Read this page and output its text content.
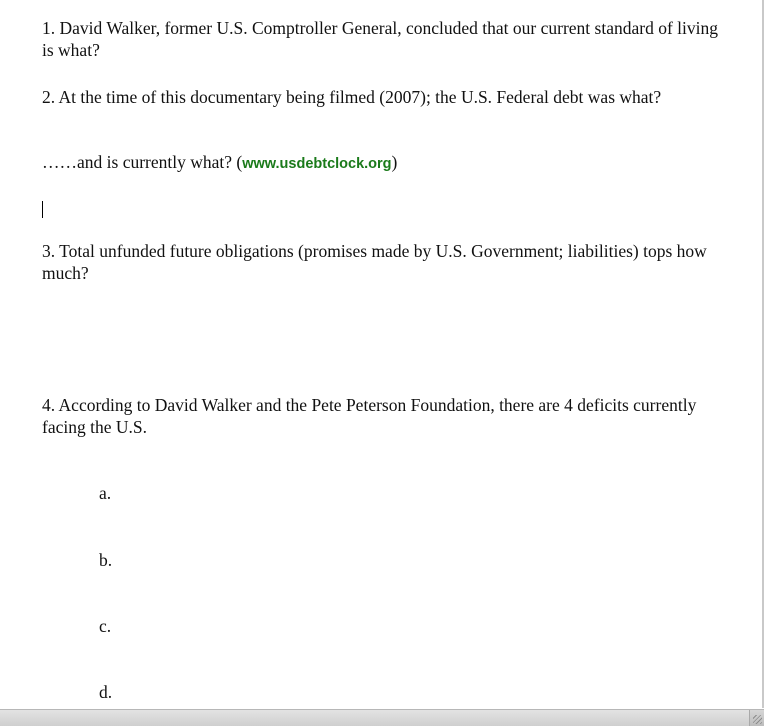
1. David Walker, former U.S. Comptroller General, concluded that our current standard of living is what?

2. At the time of this documentary being filmed (2007); the U.S. Federal debt was what?

……and is currently what? (www.usdebtclock.org)

3. Total unfunded future obligations (promises made by U.S. Government; liabilities) tops how much?

4. According to David Walker and the Pete Peterson Foundation, there are 4 deficits currently facing the U.S.

a.

b.

c.

d.
